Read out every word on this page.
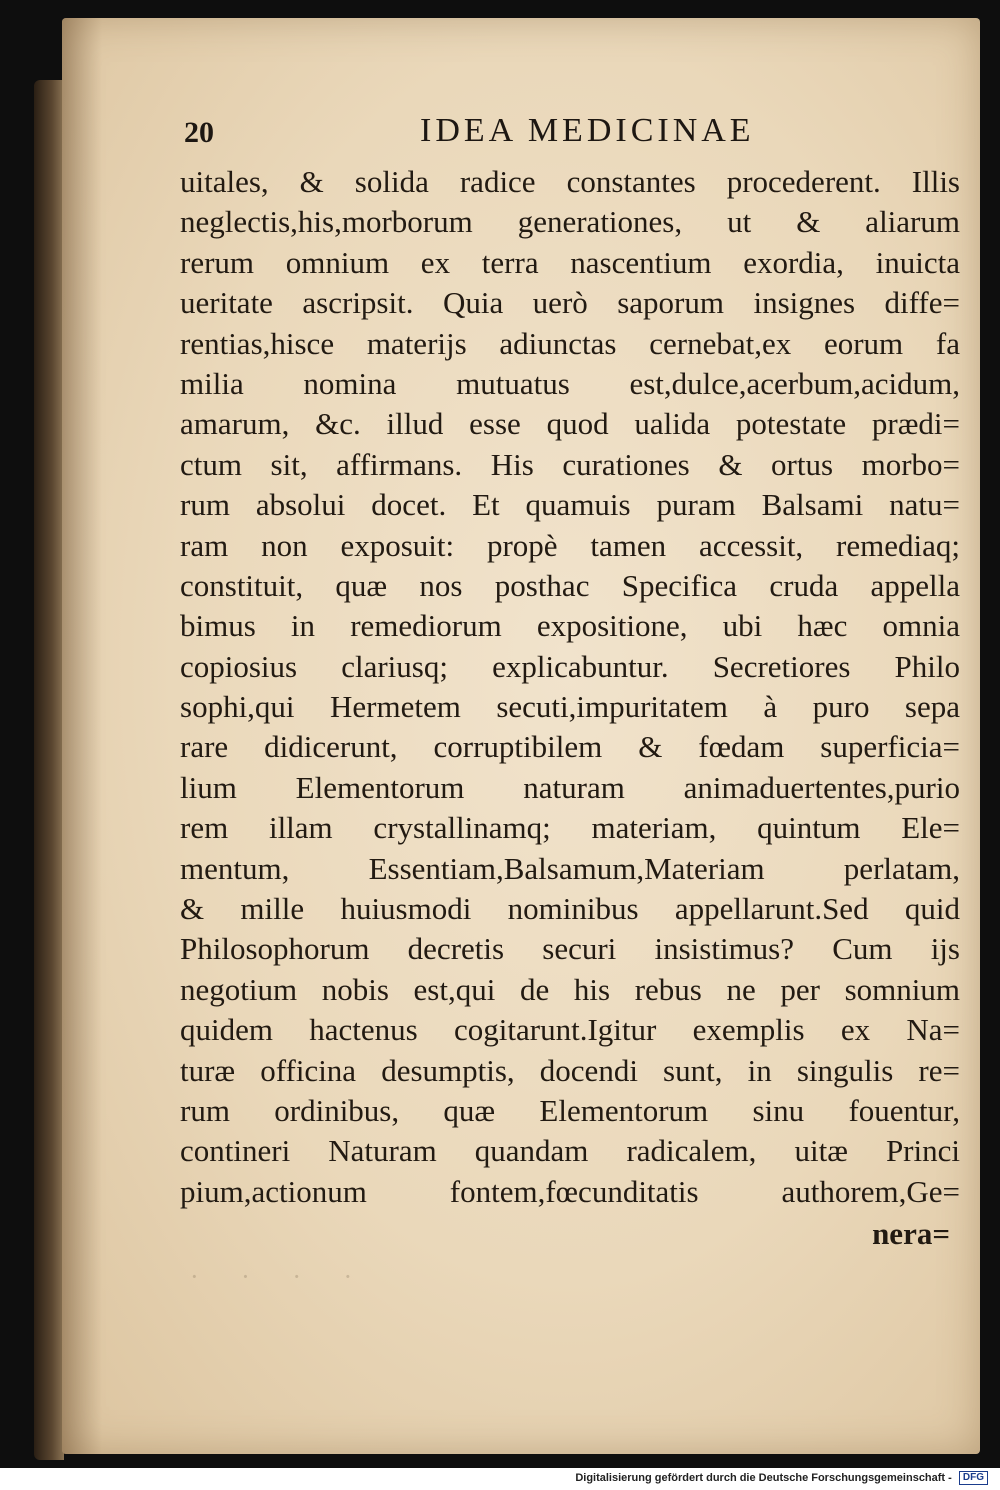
20	IDEA MEDICINAE
uitales, & solida radice constantes procederent. Illis
neglectis,his,morborum generationes, ut & aliarum
rerum omnium ex terra nascentium exordia, inuicta
ueritate ascripsit. Quia uerò saporum insignes diffe=
rentias,hisce materijs adiunctas cernebat,ex eorum fa
milia nomina mutuatus est,dulce,acerbum,acidum,
amarum, &c. illud esse quod ualida potestate prædi=
ctum sit, affirmans. His curationes & ortus morbo=
rum absolui docet. Et quamuis puram Balsami natu=
ram non exposuit: propè tamen accessit, remediaq;
constituit, quæ nos posthac Specifica cruda appella
bimus in remediorum expositione, ubi hæc omnia
copiosius clariusq; explicabuntur. Secretiores Philo
sophi,qui Hermetem secuti,impuritatem à puro sepa
rare didicerunt, corruptibilem & fœdam superficia=
lium Elementorum naturam animaduertentes,purio
rem illam crystallinamq; materiam, quintum Ele=
mentum, Essentiam,Balsamum,Materiam perlatam,
& mille huiusmodi nominibus appellarunt.Sed quid
Philosophorum decretis securi insistimus? Cum ijs
negotium nobis est,qui de his rebus ne per somnium
quidem hactenus cogitarunt.Igitur exemplis ex Na=
turæ officina desumptis, docendi sunt, in singulis re=
rum ordinibus, quæ Elementorum sinu fouentur,
contineri Naturam quandam radicalem, uitæ Princi
pium,actionum fontem,fœcunditatis authorem,Ge=
nera=
· · · ·
Digitalisierung gefördert durch die Deutsche Forschungsgemeinschaft - DFG
